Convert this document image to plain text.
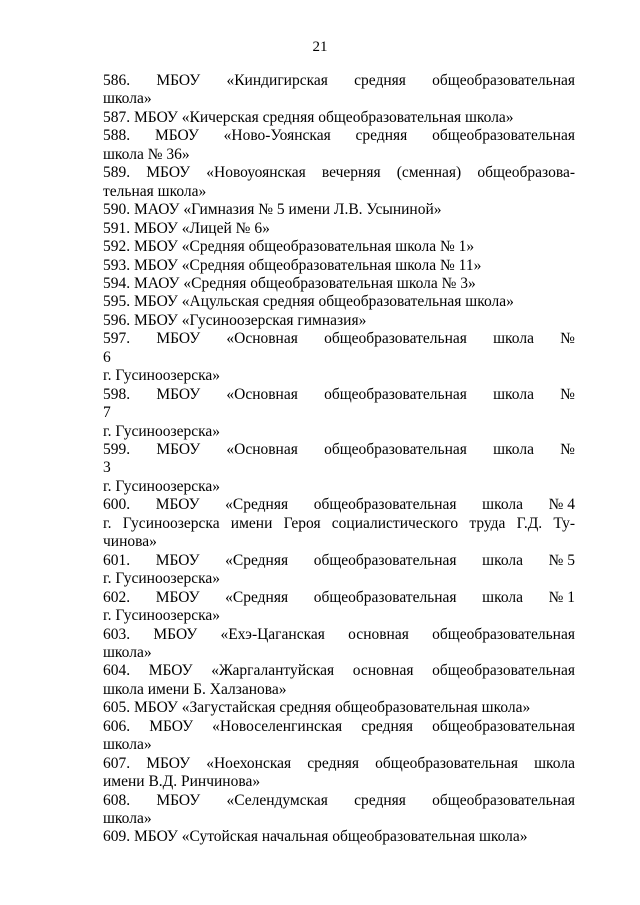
21
586. МБОУ «Киндигирская средняя общеобразовательная
школа»
587. МБОУ «Кичерская средняя общеобразовательная школа»
588. МБОУ «Ново-Уоянская средняя общеобразовательная
школа № 36»
589. МБОУ «Новоуоянская вечерняя (сменная) общеобразова-
тельная школа»
590. МАОУ «Гимназия № 5 имени Л.В. Усыниной»
591. МБОУ «Лицей № 6»
592. МБОУ «Средняя общеобразовательная школа № 1»
593. МБОУ «Средняя общеобразовательная школа № 11»
594. МАОУ «Средняя общеобразовательная школа № 3»
595. МБОУ «Ацульская средняя общеобразовательная школа»
596. МБОУ «Гусиноозерская гимназия»
597. МБОУ «Основная общеобразовательная школа №
6
г. Гусиноозерска»
598. МБОУ «Основная общеобразовательная школа №
7
г. Гусиноозерска»
599. МБОУ «Основная общеобразовательная школа №
3
г. Гусиноозерска»
600. МБОУ «Средняя общеобразовательная школа № 4
г. Гусиноозерска имени Героя социалистического труда Г.Д. Ту-
чинова»
601. МБОУ «Средняя общеобразовательная школа № 5
г. Гусиноозерска»
602. МБОУ «Средняя общеобразовательная школа № 1
г. Гусиноозерска»
603. МБОУ «Ехэ-Цаганская основная общеобразовательная
школа»
604. МБОУ «Жаргалантуйская основная общеобразовательная
школа имени Б. Халзанова»
605. МБОУ «Загустайская средняя общеобразовательная школа»
606. МБОУ «Новоселенгинская средняя общеобразовательная
школа»
607. МБОУ «Ноехонская средняя общеобразовательная школа
имени В.Д. Ринчинова»
608. МБОУ «Селендумская средняя общеобразовательная
школа»
609. МБОУ «Сутойская начальная общеобразовательная школа»
